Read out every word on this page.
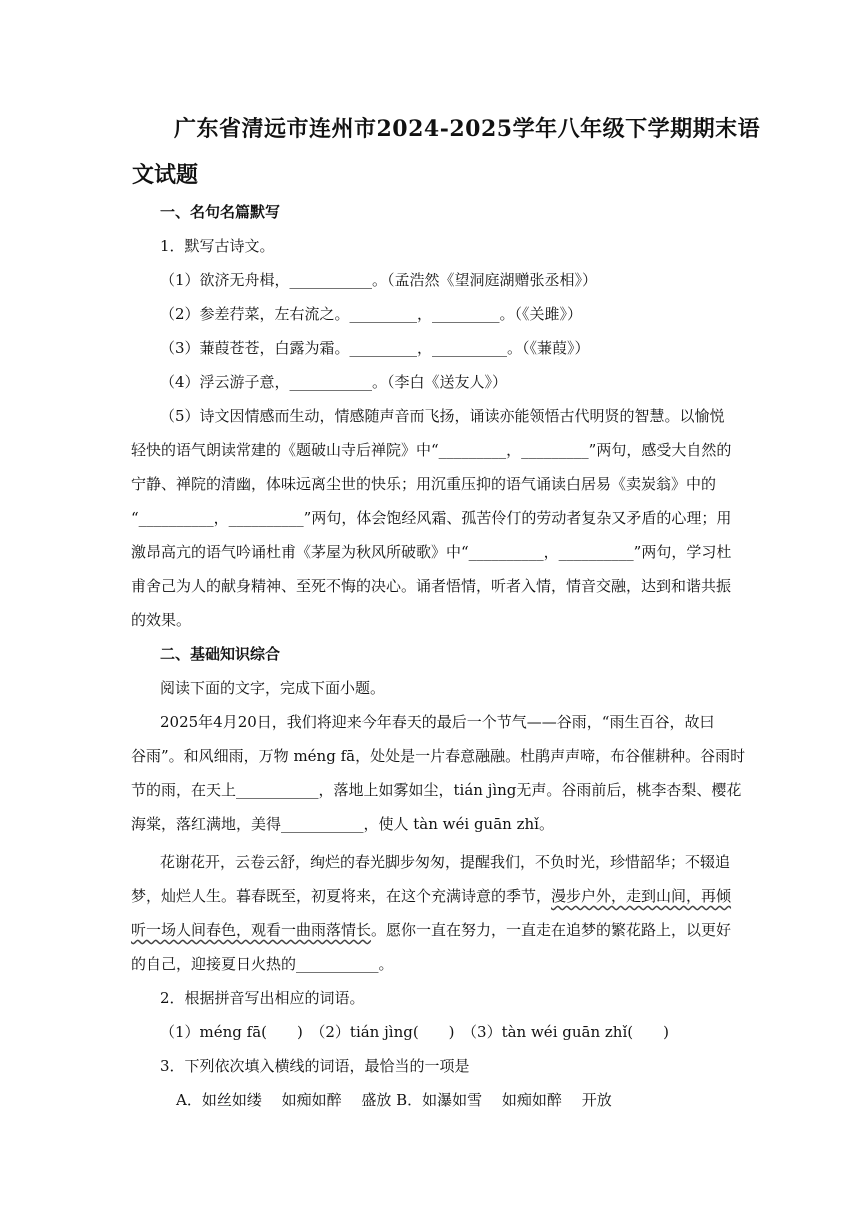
广东省清远市连州市2024-2025学年八年级下学期期末语
文试题
一、名句名篇默写
1．默写古诗文。
（1）欲济无舟楫，___________。（孟浩然《望洞庭湖赠张丞相》）
（2）参差荇菜，左右流之。_________，_________。（《关雎》）
（3）蒹葭苍苍，白露为霜。_________，__________。（《蒹葭》）
（4）浮云游子意，___________。（李白《送友人》）
（5）诗文因情感而生动，情感随声音而飞扬，诵读亦能领悟古代明贤的智慧。以愉悦
轻快的语气朗读常建的《题破山寺后禅院》中“_________，_________”两句，感受大自然的
宁静、禅院的清幽，体味远离尘世的快乐；用沉重压抑的语气诵读白居易《卖炭翁》中的
“__________，__________”两句，体会饱经风霜、孤苦伶仃的劳动者复杂又矛盾的心理；用
激昂高亢的语气吟诵杜甫《茅屋为秋风所破歌》中“__________，__________”两句，学习杜
甫舍己为人的献身精神、至死不悔的决心。诵者悟情，听者入情，情音交融，达到和谐共振
的效果。
二、基础知识综合
阅读下面的文字，完成下面小题。
2025年4月20日，我们将迎来今年春天的最后一个节气——谷雨，“雨生百谷，故曰
谷雨”。和风细雨，万物 méng fā，处处是一片春意融融。杜鹃声声啼，布谷催耕种。谷雨时
节的雨，在天上___________，落地上如雾如尘，tián jìng无声。谷雨前后，桃李杏梨、樱花
海棠，落红满地，美得___________，使人 tàn wéi guān zhǐ。
花谢花开，云卷云舒，绚烂的春光脚步匆匆，提醒我们，不负时光，珍惜韶华；不辍追
梦，灿烂人生。暮春既至，初夏将来，在这个充满诗意的季节，漫步户外，走到山间，再倾
听一场人间春色，观看一曲雨落情长。愿你一直在努力，一直走在追梦的繁花路上，以更好
的自己，迎接夏日火热的___________。
2．根据拼音写出相应的词语。
（1）méng fā(　　)　（2）tián jìng(　　)　（3）tàn wéi guān zhǐ(　　)
3．下列依次填入横线的词语，最恰当的一项是
A．如丝如缕　 如痴如醉　 盛放 B．如瀑如雪　 如痴如醉　 开放
